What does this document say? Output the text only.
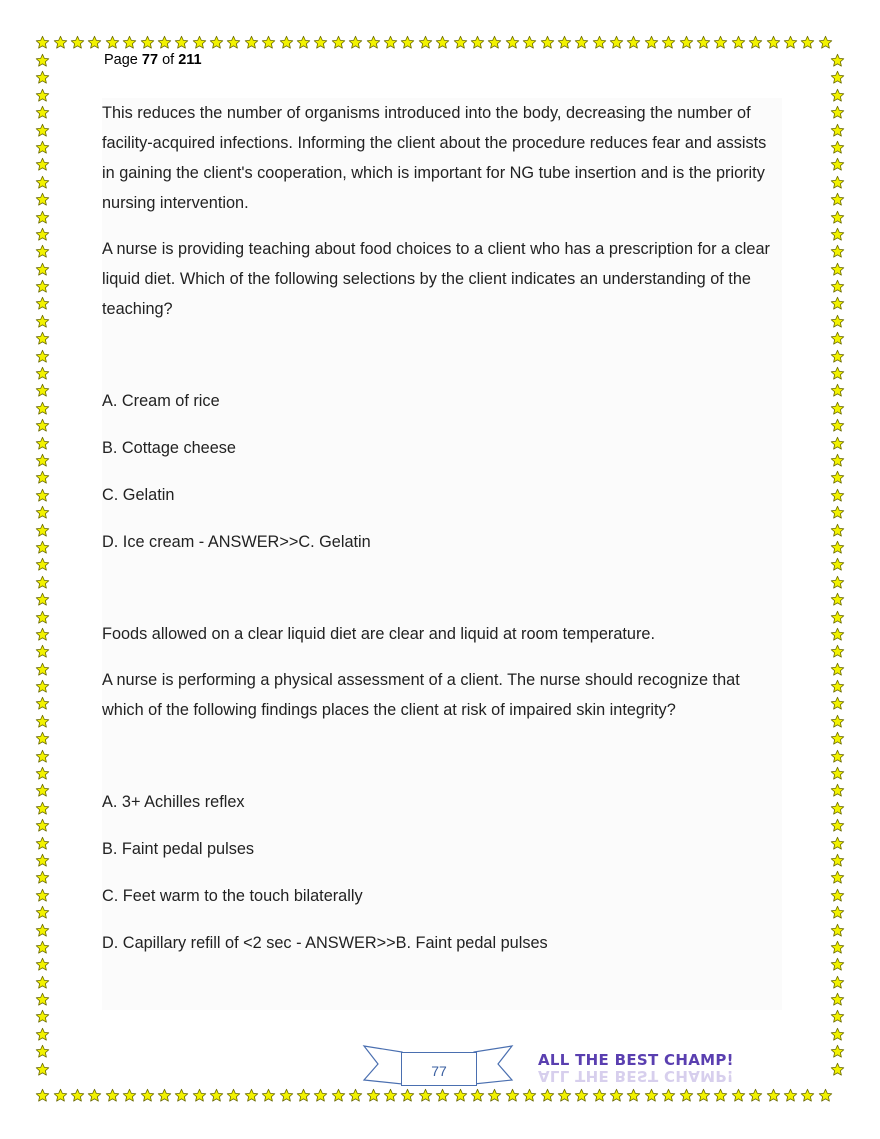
Page 77 of 211

This reduces the number of organisms introduced into the body, decreasing the number of facility-acquired infections. Informing the client about the procedure reduces fear and assists in gaining the client's cooperation, which is important for NG tube insertion and is the priority nursing intervention.

A nurse is providing teaching about food choices to a client who has a prescription for a clear liquid diet. Which of the following selections by the client indicates an understanding of the teaching?

A. Cream of rice

B. Cottage cheese

C. Gelatin

D. Ice cream - ANSWER>>C. Gelatin

Foods allowed on a clear liquid diet are clear and liquid at room temperature.

A nurse is performing a physical assessment of a client. The nurse should recognize that which of the following findings places the client at risk of impaired skin integrity?

A. 3+ Achilles reflex

B. Faint pedal pulses

C. Feet warm to the touch bilaterally

D. Capillary refill of <2 sec - ANSWER>>B. Faint pedal pulses

77
ALL THE BEST CHAMP!
ALL THE BEST CHAMP!
